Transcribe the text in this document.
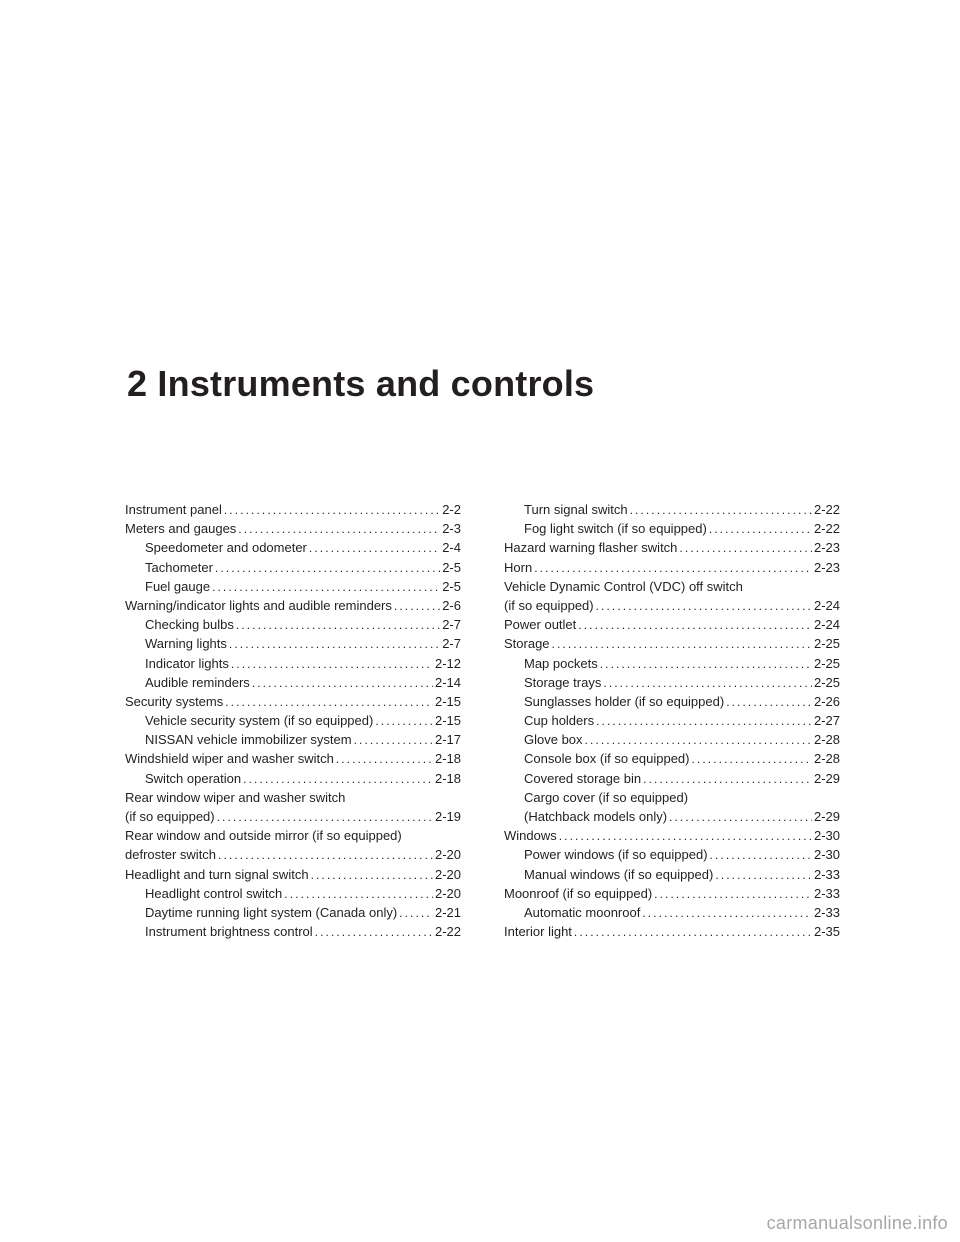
2 Instruments and controls
Instrument panel .....	2-2
Meters and gauges .....	2-3
Speedometer and odometer .....	2-4
Tachometer .....	2-5
Fuel gauge .....	2-5
Warning/indicator lights and audible reminders .....	2-6
Checking bulbs .....	2-7
Warning lights .....	2-7
Indicator lights .....	2-12
Audible reminders .....	2-14
Security systems .....	2-15
Vehicle security system (if so equipped) .....	2-15
NISSAN vehicle immobilizer system .....	2-17
Windshield wiper and washer switch .....	2-18
Switch operation .....	2-18
Rear window wiper and washer switch
(if so equipped) .....	2-19
Rear window and outside mirror (if so equipped)
defroster switch .....	2-20
Headlight and turn signal switch .....	2-20
Headlight control switch .....	2-20
Daytime running light system (Canada only) .....	2-21
Instrument brightness control .....	2-22
Turn signal switch .....	2-22
Fog light switch (if so equipped) .....	2-22
Hazard warning flasher switch .....	2-23
Horn .....	2-23
Vehicle Dynamic Control (VDC) off switch
(if so equipped) .....	2-24
Power outlet .....	2-24
Storage .....	2-25
Map pockets .....	2-25
Storage trays .....	2-25
Sunglasses holder (if so equipped) .....	2-26
Cup holders .....	2-27
Glove box .....	2-28
Console box (if so equipped) .....	2-28
Covered storage bin .....	2-29
Cargo cover (if so equipped)
(Hatchback models only) .....	2-29
Windows .....	2-30
Power windows (if so equipped) .....	2-30
Manual windows (if so equipped) .....	2-33
Moonroof (if so equipped) .....	2-33
Automatic moonroof .....	2-33
Interior light .....	2-35

carmanualsonline.info
